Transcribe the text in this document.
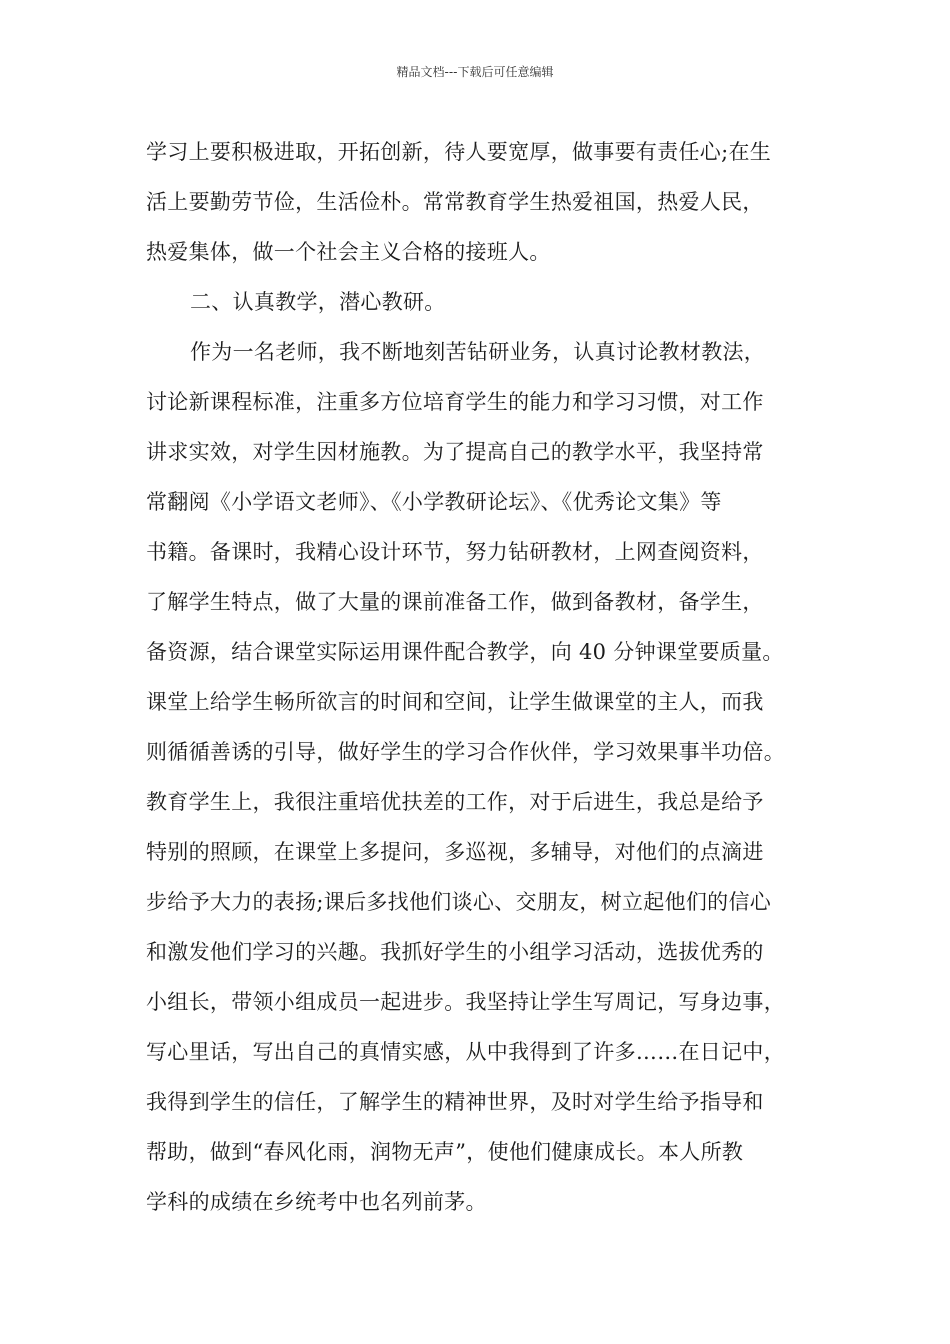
精品文档---下载后可任意编辑
学习上要积极进取，开拓创新，待人要宽厚，做事要有责任心;在生
活上要勤劳节俭，生活俭朴。常常教育学生热爱祖国，热爱人民，
热爱集体，做一个社会主义合格的接班人。
二、认真教学，潜心教研。
作为一名老师，我不断地刻苦钻研业务，认真讨论教材教法，
讨论新课程标准，注重多方位培育学生的能力和学习习惯，对工作
讲求实效，对学生因材施教。为了提高自己的教学水平，我坚持常
常翻阅《小学语文老师》、《小学教研论坛》、《优秀论文集》等
书籍。备课时，我精心设计环节，努力钻研教材，上网查阅资料，
了解学生特点，做了大量的课前准备工作，做到备教材，备学生，
备资源，结合课堂实际运用课件配合教学，向 40 分钟课堂要质量。
课堂上给学生畅所欲言的时间和空间，让学生做课堂的主人，而我
则循循善诱的引导，做好学生的学习合作伙伴，学习效果事半功倍。
教育学生上，我很注重培优扶差的工作，对于后进生，我总是给予
特别的照顾，在课堂上多提问，多巡视，多辅导，对他们的点滴进
步给予大力的表扬;课后多找他们谈心、交朋友，树立起他们的信心
和激发他们学习的兴趣。我抓好学生的小组学习活动，选拔优秀的
小组长，带领小组成员一起进步。我坚持让学生写周记，写身边事，
写心里话，写出自己的真情实感，从中我得到了许多……在日记中，
我得到学生的信任，了解学生的精神世界，及时对学生给予指导和
帮助，做到“春风化雨，润物无声”，使他们健康成长。本人所教
学科的成绩在乡统考中也名列前茅。
